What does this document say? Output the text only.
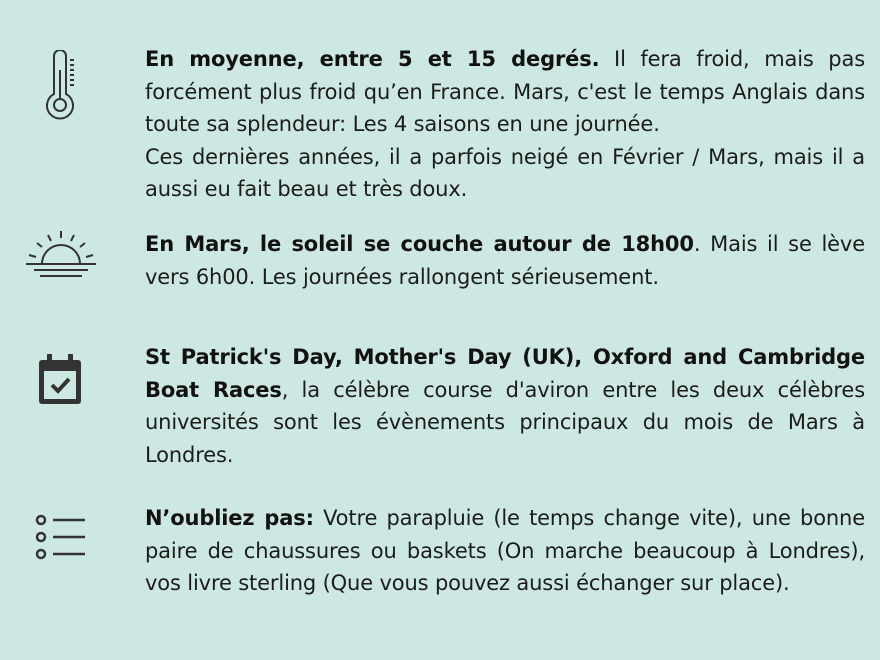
En moyenne, entre 5 et 15 degrés. Il fera froid, mais pas forcément plus froid qu’en France. Mars, c'est le temps Anglais dans toute sa splendeur: Les 4 saisons en une journée.

Ces dernières années, il a parfois neigé en Février / Mars, mais il a aussi eu fait beau et très doux.

En Mars, le soleil se couche autour de 18h00. Mais il se lève vers 6h00. Les journées rallongent sérieusement.

St Patrick's Day, Mother's Day (UK), Oxford and Cambridge Boat Races, la célèbre course d'aviron entre les deux célèbres universités sont les évènements principaux du mois de Mars à Londres.

N’oubliez pas: Votre parapluie (le temps change vite), une bonne paire de chaussures ou baskets (On marche beaucoup à Londres), vos livre sterling (Que vous pouvez aussi échanger sur place).
